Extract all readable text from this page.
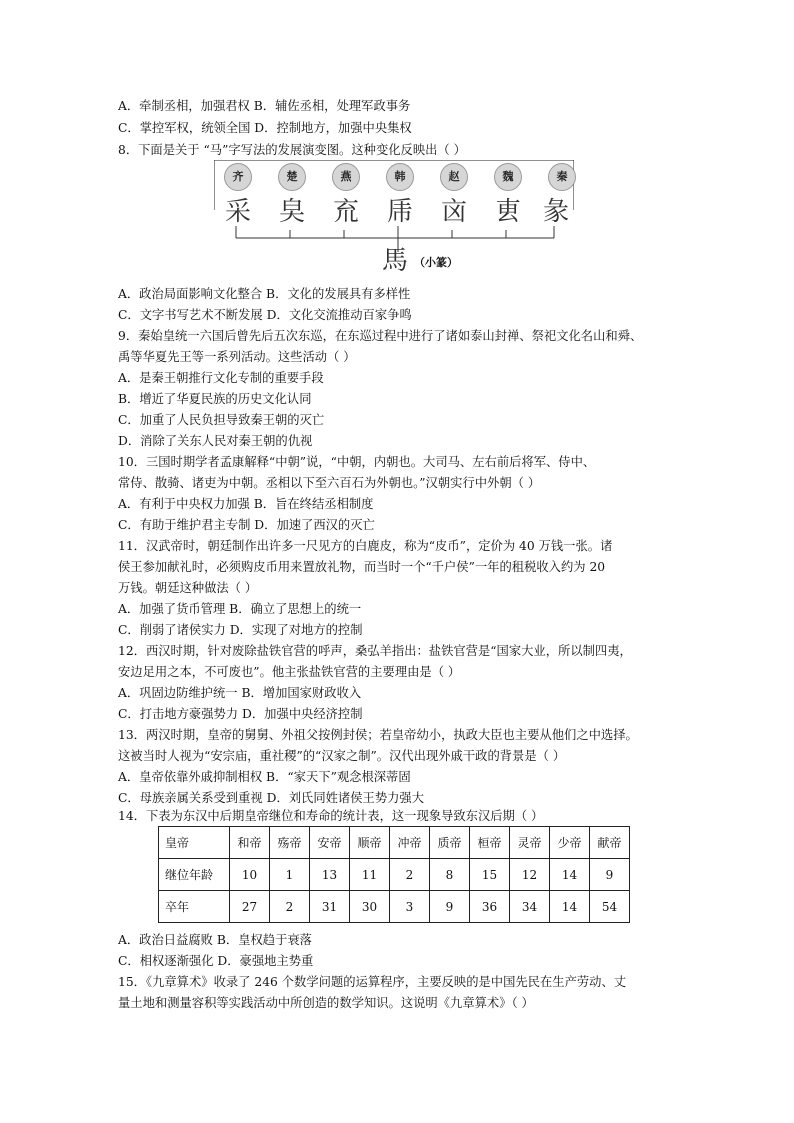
A．牵制丞相，加强君权 B．辅佐丞相，处理军政事务
C．掌控军权，统领全国 D．控制地方，加强中央集权
8．下面是关于 “马”字写法的发展演变图。这种变化反映出（ ）
齐	楚	燕	韩	赵	魏	秦
采 㚖 㐬 乕 㐫 叀 彖
馬 （小篆）
A．政治局面影响文化整合 B．文化的发展具有多样性
C．文字书写艺术不断发展 D．文化交流推动百家争鸣
9．秦始皇统一六国后曾先后五次东巡，在东巡过程中进行了诸如泰山封禅、祭祀文化名山和舜、
禹等华夏先王等一系列活动。这些活动（ ）
A．是秦王朝推行文化专制的重要手段
B．增近了华夏民族的历史文化认同
C．加重了人民负担导致秦王朝的灭亡
D．消除了关东人民对秦王朝的仇视
10．三国时期学者孟康解释“中朝”说，“中朝，内朝也。大司马、左右前后将军、侍中、
常侍、散骑、诸吏为中朝。丞相以下至六百石为外朝也。”汉朝实行中外朝（ ）
A．有利于中央权力加强 B．旨在终结丞相制度
C．有助于维护君主专制 D．加速了西汉的灭亡
11．汉武帝时，朝廷制作出许多一尺见方的白鹿皮，称为“皮币”，定价为 40 万钱一张。诸
侯王参加献礼时，必须购皮币用来置放礼物，而当时一个“千户侯”一年的租税收入约为 20
万钱。朝廷这种做法（ ）
A．加强了货币管理 B．确立了思想上的统一
C．削弱了诸侯实力 D．实现了对地方的控制
12．西汉时期，针对废除盐铁官营的呼声，桑弘羊指出：盐铁官营是“国家大业，所以制四夷，
安边足用之本，不可废也”。他主张盐铁官营的主要理由是（ ）
A．巩固边防维护统一 B．增加国家财政收入
C．打击地方豪强势力 D．加强中央经济控制
13．两汉时期，皇帝的舅舅、外祖父按例封侯；若皇帝幼小，执政大臣也主要从他们之中选择。
这被当时人视为“安宗庙，重社稷”的“汉家之制”。汉代出现外戚干政的背景是（ ）
A．皇帝依靠外戚抑制相权 B．“家天下”观念根深蒂固
C．母族亲属关系受到重视 D．刘氏同姓诸侯王势力强大
14．下表为东汉中后期皇帝继位和寿命的统计表，这一现象导致东汉后期（ ）
皇帝	和帝	殇帝	安帝	顺帝	冲帝	质帝	桓帝	灵帝	少帝	献帝
继位年龄	10	1	13	11	2	8	15	12	14	9
卒年	27	2	31	30	3	9	36	34	14	54
A．政治日益腐败 B．皇权趋于衰落
C．相权逐渐强化 D．豪强地主势重
15．《九章算术》收录了 246 个数学问题的运算程序，主要反映的是中国先民在生产劳动、丈
量土地和测量容积等实践活动中所创造的数学知识。这说明《九章算术》（ ）
